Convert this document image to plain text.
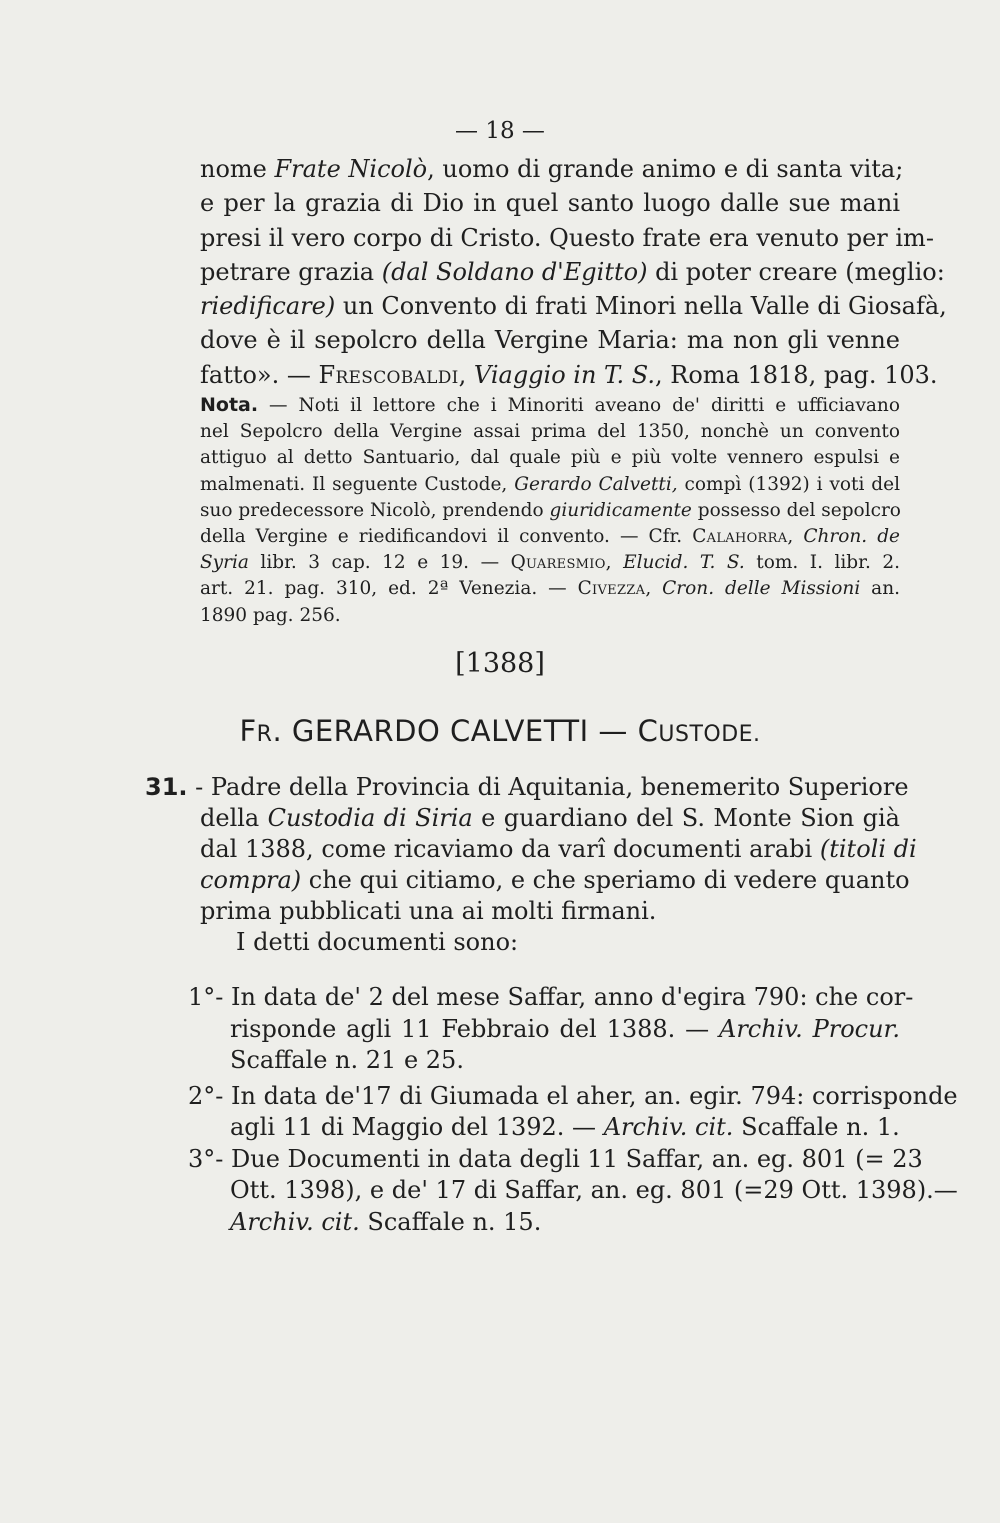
— 18 —
nome Frate Nicolò, uomo di grande animo e di santa vita;
e per la grazia di Dio in quel santo luogo dalle sue mani
presi il vero corpo di Cristo. Questo frate era venuto per im-
petrare grazia (dal Soldano d'Egitto) di poter creare (meglio:
riedificare) un Convento di frati Minori nella Valle di Giosafà,
dove è il sepolcro della Vergine Maria: ma non gli venne
fatto». — Frescobaldi, Viaggio in T. S., Roma 1818, pag. 103.
Nota. — Noti il lettore che i Minoriti aveano de' diritti e ufficiavano
nel Sepolcro della Vergine assai prima del 1350, nonchè un convento
attiguo al detto Santuario, dal quale più e più volte vennero espulsi e
malmenati. Il seguente Custode, Gerardo Calvetti, compì (1392) i voti del
suo predecessore Nicolò, prendendo giuridicamente possesso del sepolcro
della Vergine e riedificandovi il convento. — Cfr. Calahorra, Chron. de
Syria libr. 3 cap. 12 e 19. — Quaresmio, Elucid. T. S. tom. I. libr. 2.
art. 21. pag. 310, ed. 2ª Venezia. — Civezza, Cron. delle Missioni an.
1890 pag. 256.
[1388]
FR. GERARDO CALVETTI — CUSTODE.
31. - Padre della Provincia di Aquitania, benemerito Superiore
della Custodia di Siria e guardiano del S. Monte Sion già
dal 1388, come ricaviamo da varî documenti arabi (titoli di
compra) che qui citiamo, e che speriamo di vedere quanto
prima pubblicati una ai molti firmani.
I detti documenti sono:
1°- In data de' 2 del mese Saffar, anno d'egira 790: che cor-
risponde agli 11 Febbraio del 1388. — Archiv. Procur.
Scaffale n. 21 e 25.
2°- In data de'17 di Giumada el aher, an. egir. 794: corrisponde
agli 11 di Maggio del 1392. — Archiv. cit. Scaffale n. 1.
3°- Due Documenti in data degli 11 Saffar, an. eg. 801 (= 23
Ott. 1398), e de' 17 di Saffar, an. eg. 801 (=29 Ott. 1398).—
Archiv. cit. Scaffale n. 15.
